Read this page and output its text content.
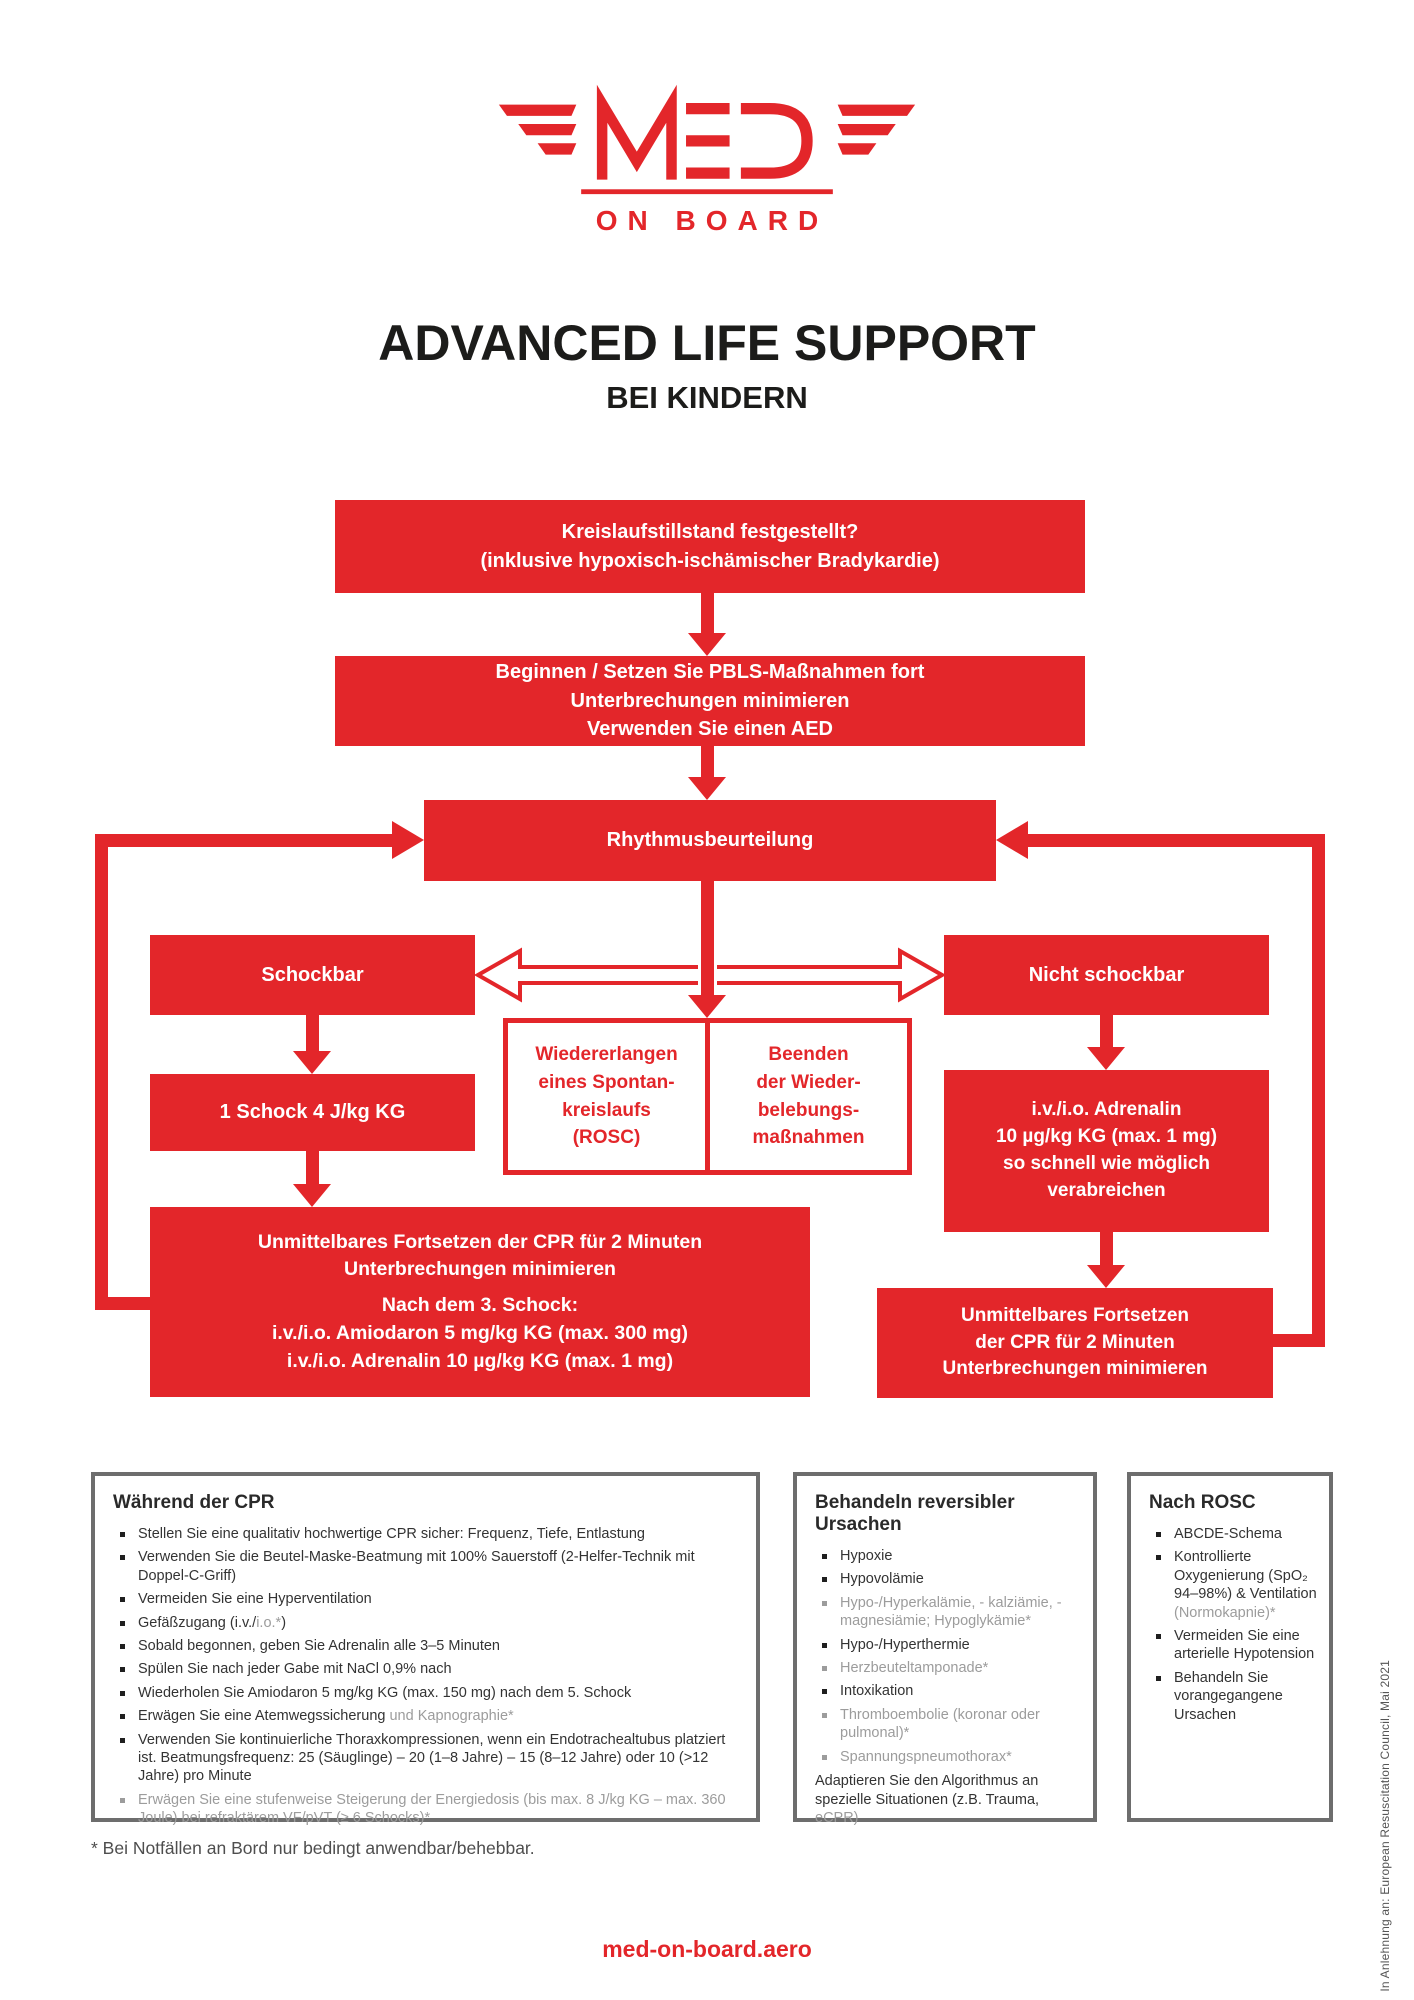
ON BOARD
ADVANCED LIFE SUPPORT
BEI KINDERN
Kreislaufstillstand festgestellt?
(inklusive hypoxisch-ischämischer Bradykardie)
Beginnen / Setzen Sie PBLS-Maßnahmen fort
Unterbrechungen minimieren
Verwenden Sie einen AED
Rhythmusbeurteilung
Schockbar	Nicht schockbar
Wiedererlangen
eines Spontan-
kreislaufs
(ROSC)
Beenden
der Wieder-
belebungs-
maßnahmen
1 Schock 4 J/kg KG
Unmittelbares Fortsetzen der CPR für 2 Minuten
Unterbrechungen minimieren
Nach dem 3. Schock:
i.v./i.o. Amiodaron 5 mg/kg KG (max. 300 mg)
i.v./i.o. Adrenalin 10 µg/kg KG (max. 1 mg)
i.v./i.o. Adrenalin
10 µg/kg KG (max. 1 mg)
so schnell wie möglich
verabreichen
Unmittelbares Fortsetzen
der CPR für 2 Minuten
Unterbrechungen minimieren
Während der CPR
Stellen Sie eine qualitativ hochwertige CPR sicher: Frequenz, Tiefe, Entlastung
Verwenden Sie die Beutel-Maske-Beatmung mit 100% Sauerstoff (2-Helfer-Technik mit Doppel-C-Griff)
Vermeiden Sie eine Hyperventilation
Gefäßzugang (i.v./i.o.*)
Sobald begonnen, geben Sie Adrenalin alle 3–5 Minuten
Spülen Sie nach jeder Gabe mit NaCl 0,9% nach
Wiederholen Sie Amiodaron 5 mg/kg KG (max. 150 mg) nach dem 5. Schock
Erwägen Sie eine Atemwegssicherung und Kapnographie*
Verwenden Sie kontinuierliche Thoraxkompressionen, wenn ein Endotrachealtubus platziert ist. Beatmungsfrequenz: 25 (Säuglinge) – 20 (1–8 Jahre) – 15 (8–12 Jahre) oder 10 (>12 Jahre) pro Minute
Erwägen Sie eine stufenweise Steigerung der Energiedosis (bis max. 8 J/kg KG – max. 360 Joule) bei refraktärem VF/pVT (≥ 6 Schocks)*
Behandeln reversibler Ursachen
Hypoxie
Hypovolämie
Hypo-/Hyperkalämie, - kalziämie, -magnesiämie; Hypoglykämie*
Hypo-/Hyperthermie
Herzbeuteltamponade*
Intoxikation
Thromboembolie (koronar oder pulmonal)*
Spannungspneumothorax*
Adaptieren Sie den Algorithmus an spezielle Situationen (z.B. Trauma, eCPR)
Nach ROSC
ABCDE-Schema
Kontrollierte Oxygenierung (SpO₂ 94–98%) & Ventilation (Normokapnie)*
Vermeiden Sie eine arterielle Hypotension
Behandeln Sie vorangegangene Ursachen
* Bei Notfällen an Bord nur bedingt anwendbar/behebbar.
med-on-board.aero	In Anlehnung an: European Resuscitation Council, Mai 2021
